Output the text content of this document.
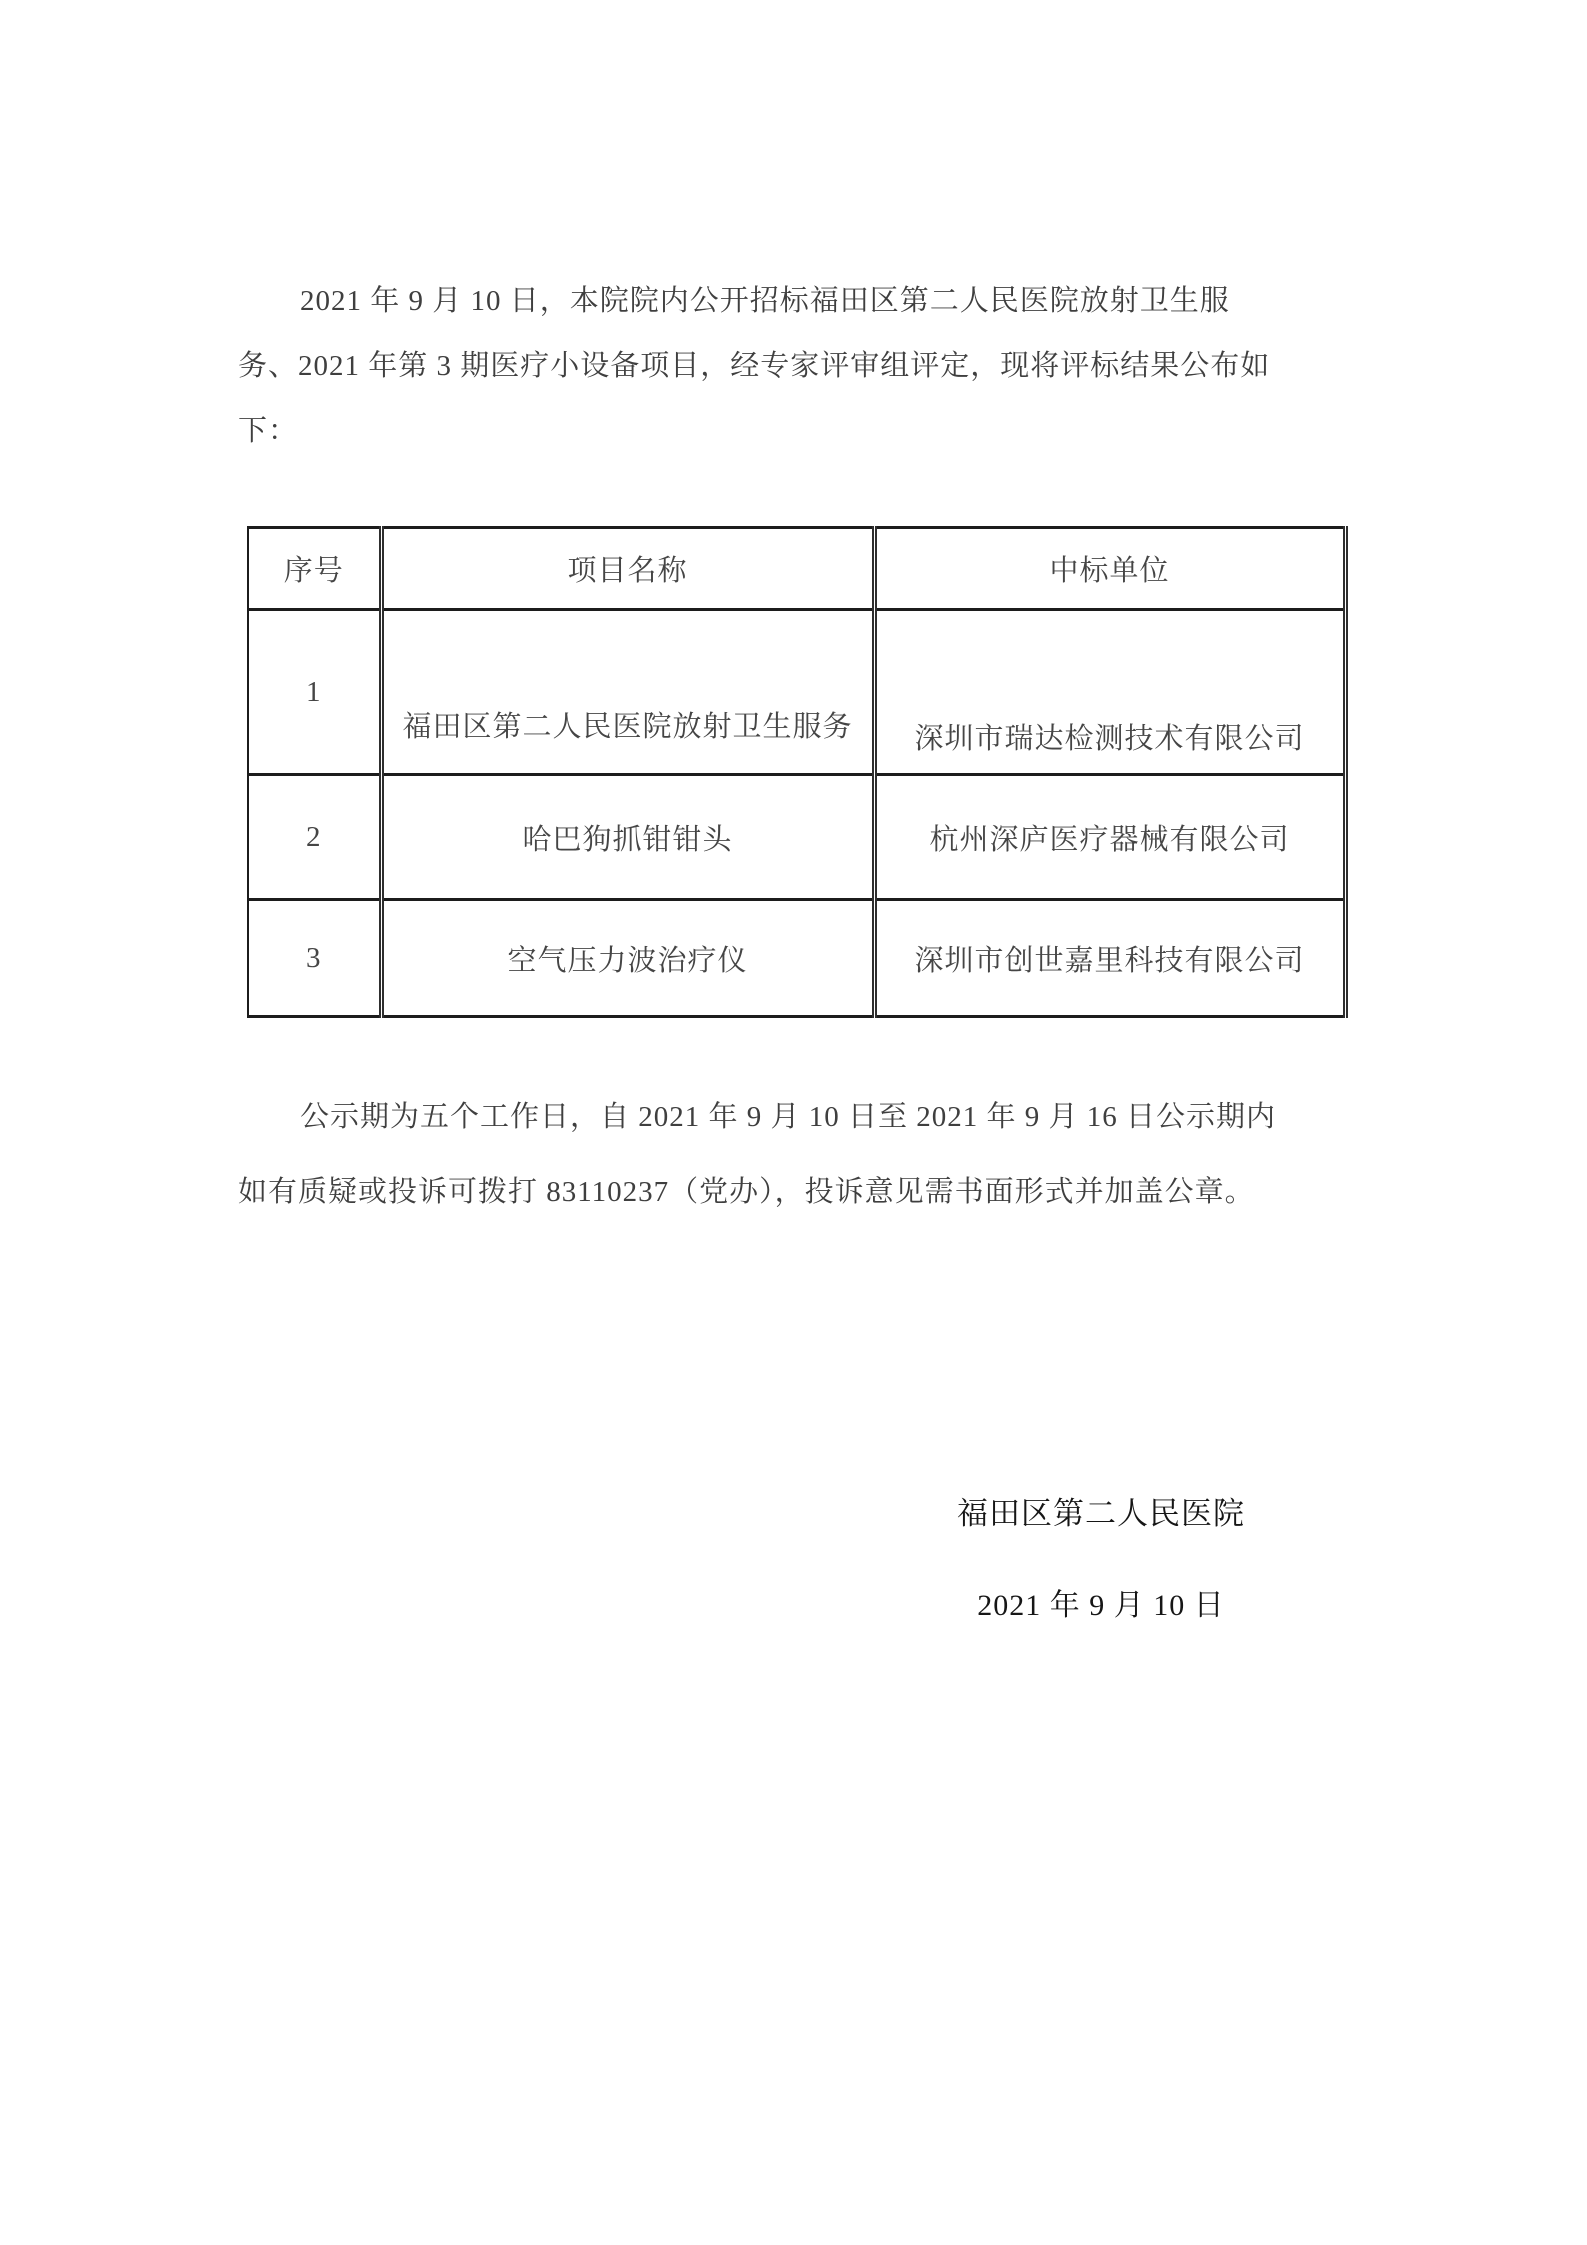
2021 年 9 月 10 日，本院院内公开招标福田区第二人民医院放射卫生服
务、2021 年第 3 期医疗小设备项目，经专家评审组评定，现将评标结果公布如
下：
序号	项目名称	中标单位
1	福田区第二人民医院放射卫生服务	深圳市瑞达检测技术有限公司
2	哈巴狗抓钳钳头	杭州深庐医疗器械有限公司
3	空气压力波治疗仪	深圳市创世嘉里科技有限公司
公示期为五个工作日，自 2021 年 9 月 10 日至 2021 年 9 月 16 日公示期内
如有质疑或投诉可拨打 83110237（党办），投诉意见需书面形式并加盖公章。
福田区第二人民医院
2021 年 9 月 10 日
